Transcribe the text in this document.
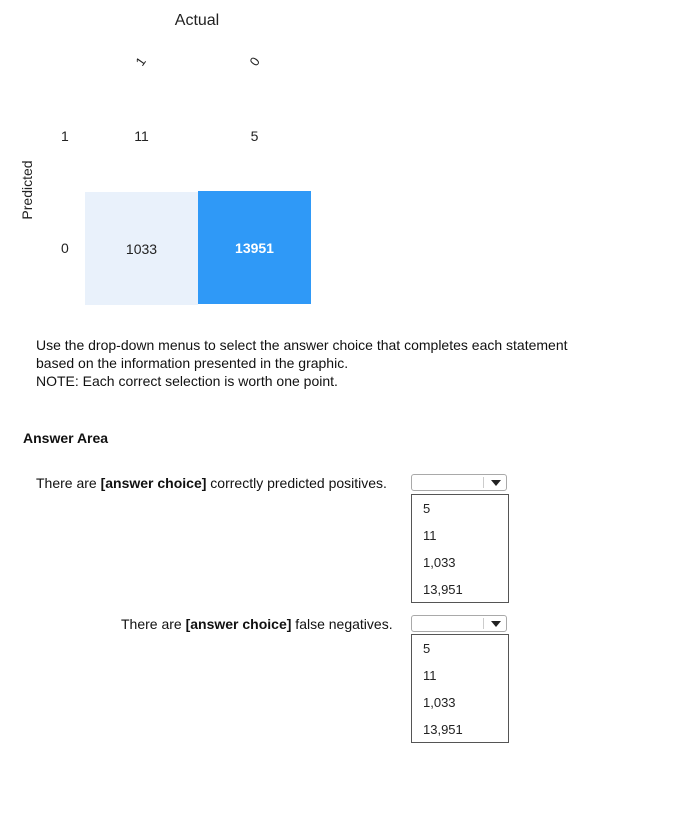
Actual
1	0
Predicted
1
0
11	5
1033	13951
Use the drop-down menus to select the answer choice that completes each statement
based on the information presented in the graphic.
NOTE: Each correct selection is worth one point.
Answer Area
There are [answer choice] correctly predicted positives.
5
11
1,033
13,951
There are [answer choice] false negatives.
5
11
1,033
13,951
